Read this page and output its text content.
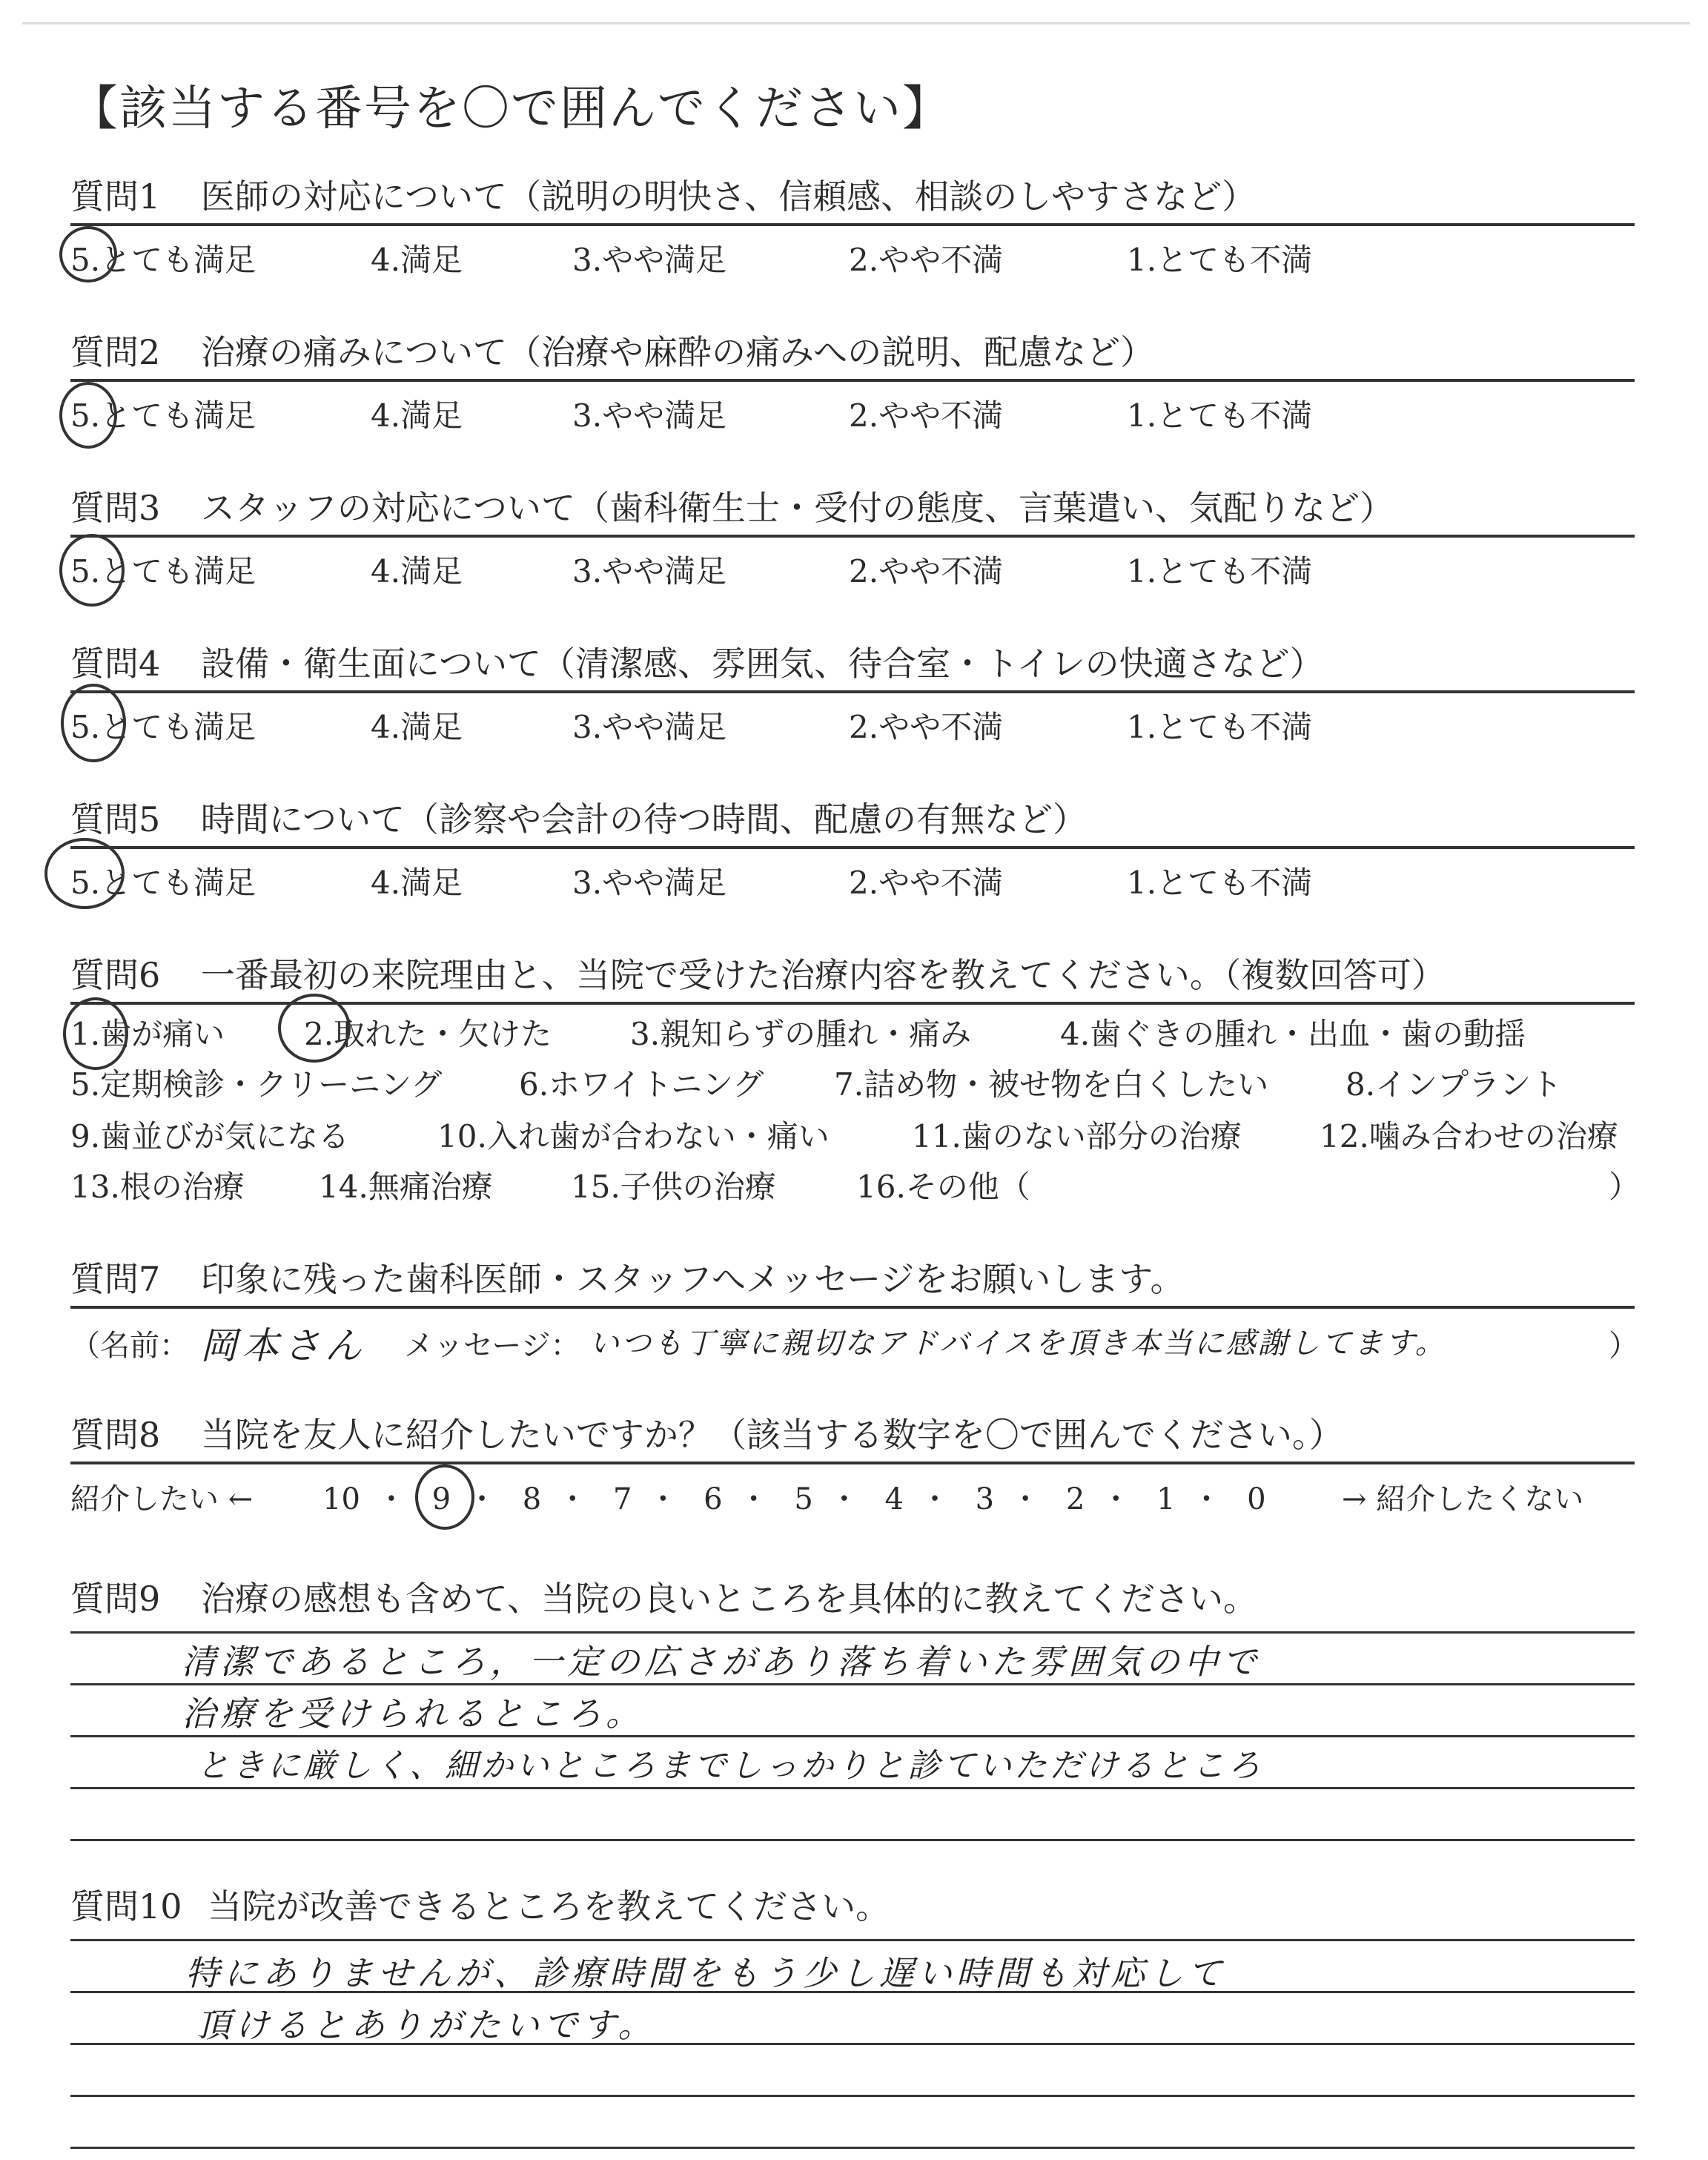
【該当する番号を〇で囲んでください】
質問1 医師の対応について（説明の明快さ、信頼感、相談のしやすさなど）
5.とても満足	4.満足	3.やや満足	2.やや不満	1.とても不満
質問2 治療の痛みについて（治療や麻酔の痛みへの説明、配慮など）
5.とても満足	4.満足	3.やや満足	2.やや不満	1.とても不満
質問3 スタッフの対応について（歯科衛生士・受付の態度、言葉遣い、気配りなど）
5.とても満足	4.満足	3.やや満足	2.やや不満	1.とても不満
質問4 設備・衛生面について（清潔感、雰囲気、待合室・トイレの快適さなど）
5.とても満足	4.満足	3.やや満足	2.やや不満	1.とても不満
質問5 時間について（診察や会計の待つ時間、配慮の有無など）
5.とても満足	4.満足	3.やや満足	2.やや不満	1.とても不満
質問6 一番最初の来院理由と、当院で受けた治療内容を教えてください。（複数回答可）
1.歯が痛い	2.取れた・欠けた	3.親知らずの腫れ・痛み	4.歯ぐきの腫れ・出血・歯の動揺
5.定期検診・クリーニング 6.ホワイトニング 7.詰め物・被せ物を白くしたい 8.インプラント
9.歯並びが気になる	10.入れ歯が合わない・痛い	11.歯のない部分の治療	12.噛み合わせの治療
13.根の治療 14.無痛治療	15.子供の治療	16.その他（	）
質問7 印象に残った歯科医師・スタッフへメッセージをお願いします。
（名前： 岡本さん メッセージ： いつも丁寧に親切なアドバイスを頂き本当に感謝してます。	）
質問8 当院を友人に紹介したいですか？（該当する数字を〇で囲んでください。）
紹介したい ← 10 ・ 9 ・ 8 ・ 7 ・ 6 ・ 5 ・ 4 ・ 3 ・ 2 ・ 1 ・ 0	→ 紹介したくない
質問9 治療の感想も含めて、当院の良いところを具体的に教えてください。
清潔であるところ，一定の広さがあり落ち着いた雰囲気の中で
治療を受けられるところ。
ときに厳しく、細かいところまでしっかりと診ていただけるところ
質問10 当院が改善できるところを教えてください。
特にありませんが、診療時間をもう少し遅い時間も対応して
頂けるとありがたいです。
